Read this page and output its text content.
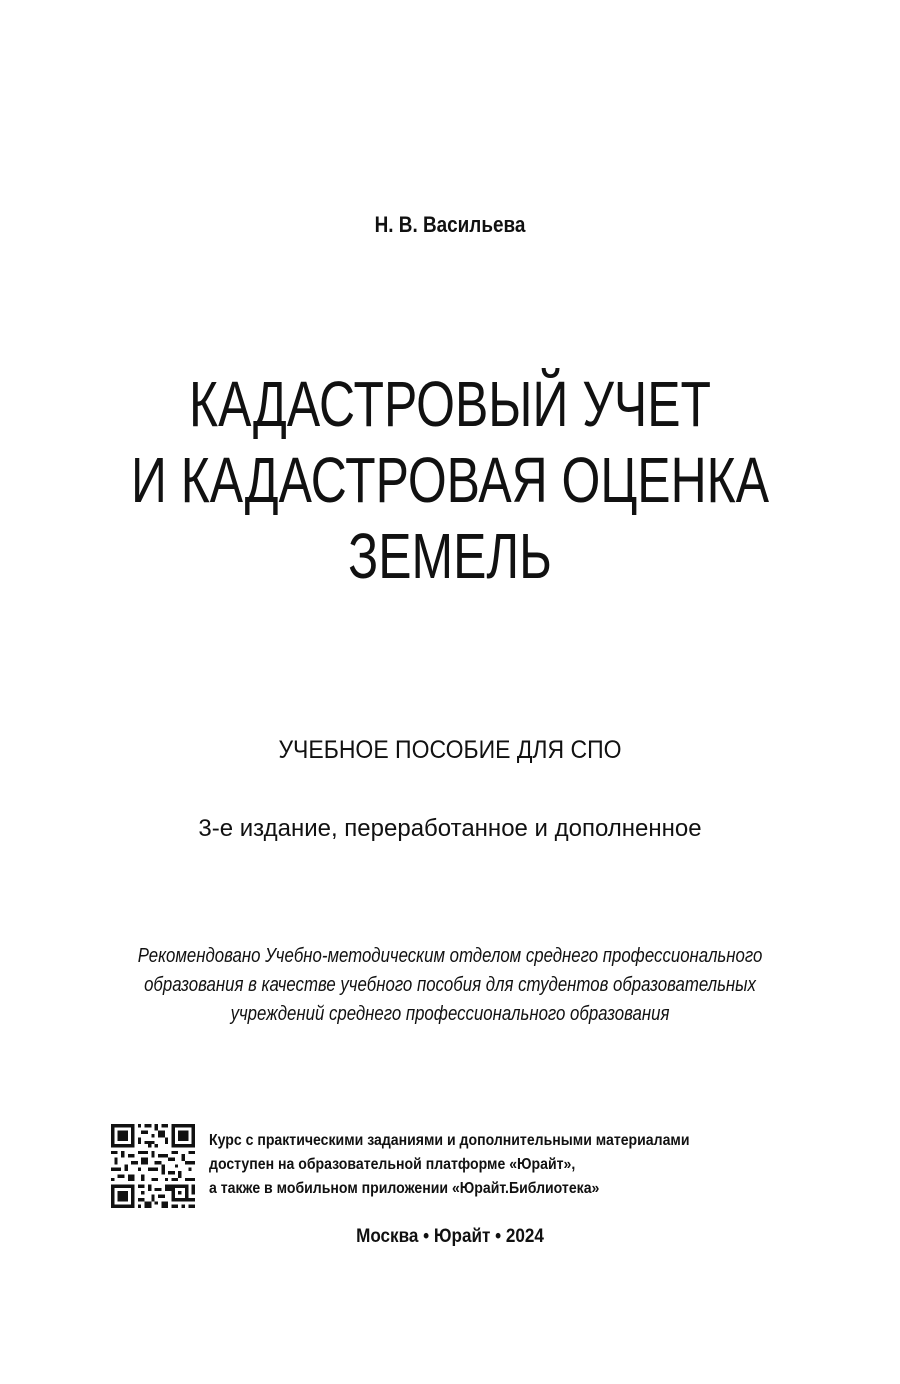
Н. В. Васильева
КАДАСТРОВЫЙ УЧЕТ
И КАДАСТРОВАЯ ОЦЕНКА
ЗЕМЕЛЬ
УЧЕБНОЕ ПОСОБИЕ ДЛЯ СПО
3-е издание, переработанное и дополненное
Рекомендовано Учебно-методическим отделом среднего профессионального
образования в качестве учебного пособия для студентов образовательных
учреждений среднего профессионального образования
Курс с практическими заданиями и дополнительными материалами
доступен на образовательной платформе «Юрайт»,
а также в мобильном приложении «Юрайт.Библиотека»
Москва • Юрайт • 2024
